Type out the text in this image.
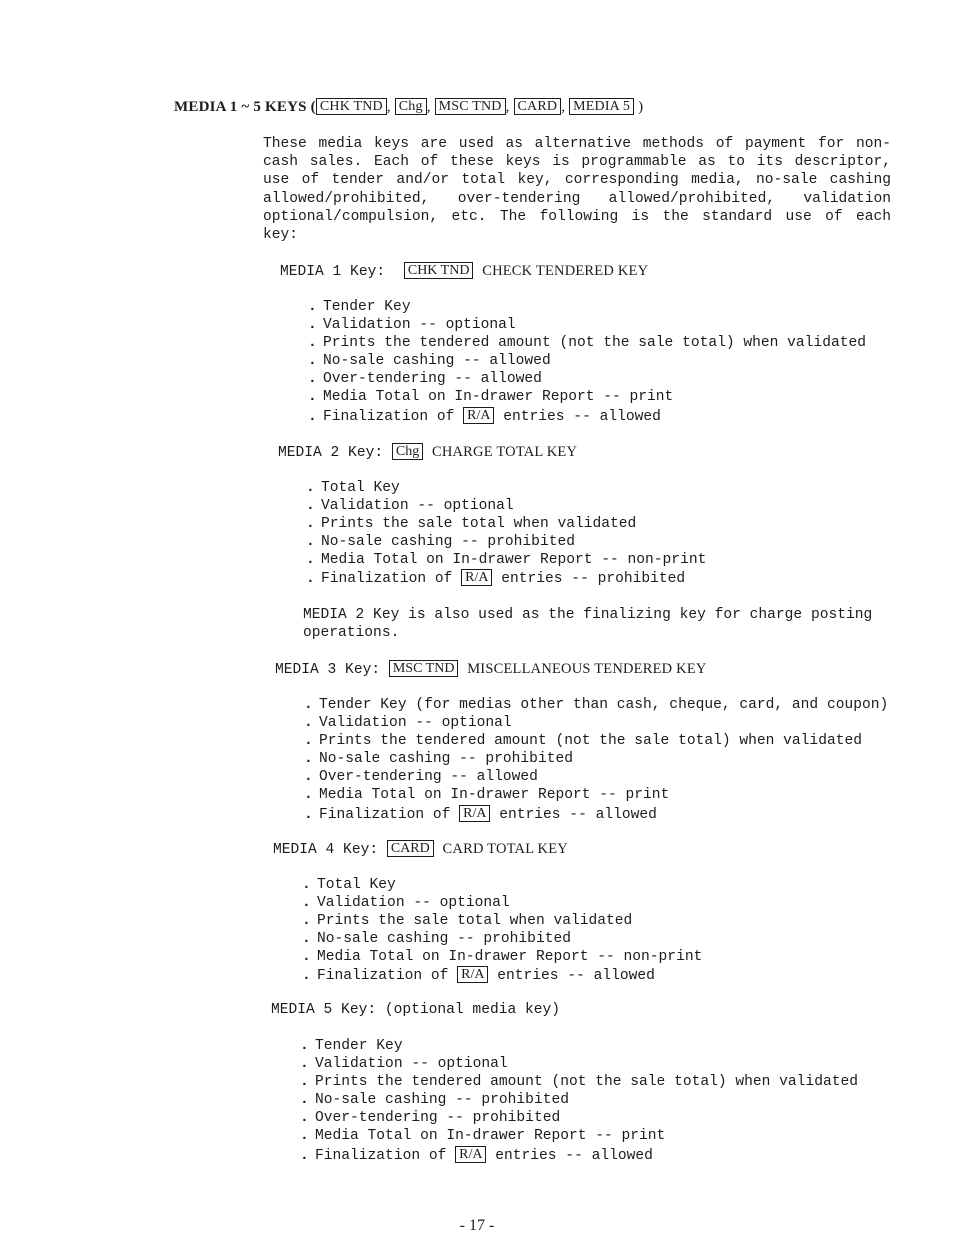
MEDIA 1 ~ 5 KEYS ( CHK TND , Chg , MSC TND , CARD , MEDIA 5 )

These media keys are used as alternative methods of payment for non-cash sales. Each of these keys is programmable as to its descriptor, use of tender and/or total key, corresponding media, no-sale cashing allowed/prohibited, over-tendering allowed/prohibited, validation optional/compulsion, etc. The following is the standard use of each key:

MEDIA 1 Key: CHK TND CHECK TENDERED KEY
. Tender Key
. Validation -- optional
. Prints the tendered amount (not the sale total) when validated
. No-sale cashing -- allowed
. Over-tendering -- allowed
. Media Total on In-drawer Report -- print
. Finalization of R/A entries -- allowed
MEDIA 2 Key: Chg CHARGE TOTAL KEY
. Total Key
. Validation -- optional
. Prints the sale total when validated
. No-sale cashing -- prohibited
. Media Total on In-drawer Report -- non-print
. Finalization of R/A entries -- prohibited

MEDIA 2 Key is also used as the finalizing key for charge posting operations.

MEDIA 3 Key: MSC TND MISCELLANEOUS TENDERED KEY
. Tender Key (for medias other than cash, cheque, card, and coupon)
. Validation -- optional
. Prints the tendered amount (not the sale total) when validated
. No-sale cashing -- prohibited
. Over-tendering -- allowed
. Media Total on In-drawer Report -- print
. Finalization of R/A entries -- allowed
MEDIA 4 Key: CARD CARD TOTAL KEY
. Total Key
. Validation -- optional
. Prints the sale total when validated
. No-sale cashing -- prohibited
. Media Total on In-drawer Report -- non-print
. Finalization of R/A entries -- allowed
MEDIA 5 Key: (optional media key)
. Tender Key
. Validation -- optional
. Prints the tendered amount (not the sale total) when validated
. No-sale cashing -- prohibited
. Over-tendering -- prohibited
. Media Total on In-drawer Report -- print
. Finalization of R/A entries -- allowed
- 17 -
